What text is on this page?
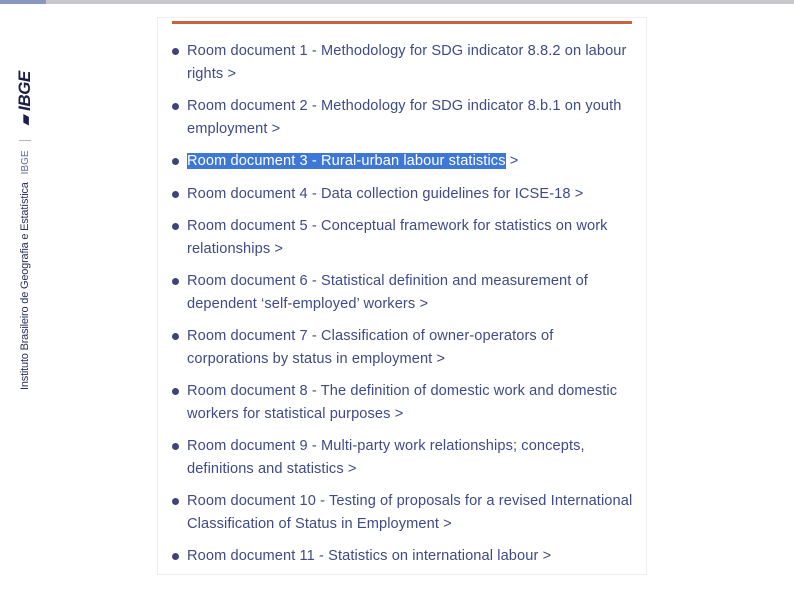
Instituto Brasileiro de Geografia e Estatística
IBGE
▰
IBGE
Room document 1 - Methodology for SDG indicator 8.8.2 on labour rights >
Room document 2 - Methodology for SDG indicator 8.b.1 on youth employment >
Room document 3 - Rural-urban labour statistics >
Room document 4 - Data collection guidelines for ICSE-18 >
Room document 5 - Conceptual framework for statistics on work relationships >
Room document 6 - Statistical definition and measurement of dependent ‘self-employed’ workers >
Room document 7 - Classification of owner-operators of corporations by status in employment >
Room document 8 - The definition of domestic work and domestic workers for statistical purposes >
Room document 9 - Multi-party work relationships; concepts, definitions and statistics >
Room document 10 - Testing of proposals for a revised International Classification of Status in Employment >
Room document 11 - Statistics on international labour >
